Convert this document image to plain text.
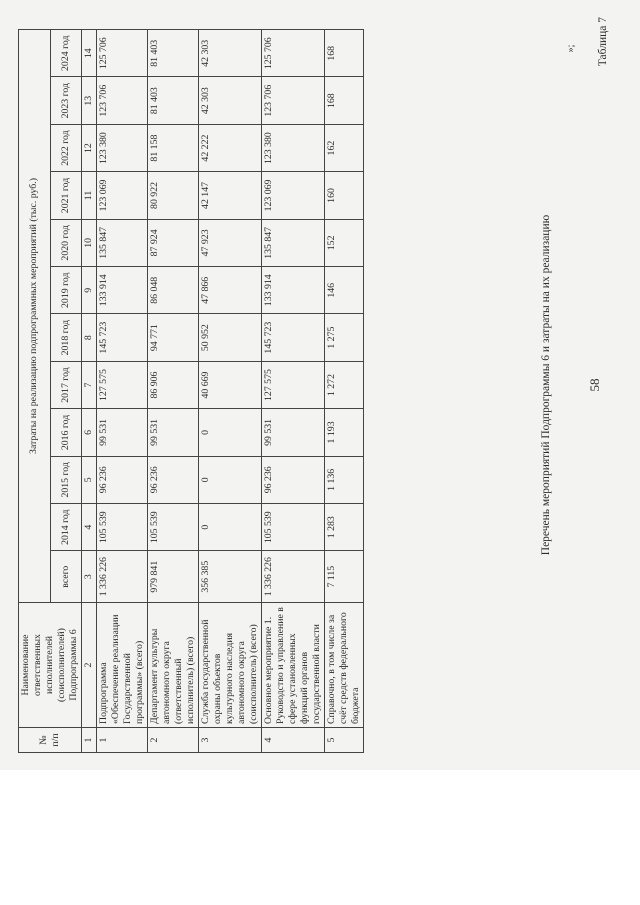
58
Таблица 7
Перечень мероприятий Подпрограммы 6 и затраты на их реализацию
№ п/п	Наименование ответственных исполнителей (соисполнителей) Подпрограммы 6	Затраты на реализацию подпрограммных мероприятий (тыс. руб.)											
		всего	2014 год	2015 год	2016 год	2017 год	2018 год	2019 год	2020 год	2021 год	2022 год	2023 год	2024 год
1	2	3	4	5	6	7	8	9	10	11	12	13	14
1	Подпрограмма «Обеспечение реализации Государственной программы» (всего)	1 336 226	105 539	96 236	99 531	127 575	145 723	133 914	135 847	123 069	123 380	123 706	125 706
2	Департамент культуры автономного округа (ответственный исполнитель) (всего)	979 841	105 539	96 236	99 531	86 906	94 771	86 048	87 924	80 922	81 158	81 403	81 403
3	Служба государственной охраны объектов культурного наследия автономного округа (соисполнитель) (всего)	356 385	0	0	0	40 669	50 952	47 866	47 923	42 147	42 222	42 303	42 303
4	Основное мероприятие 1. Руководство и управление в сфере установленных функций органов государственной власти	1 336 226	105 539	96 236	99 531	127 575	145 723	133 914	135 847	123 069	123 380	123 706	125 706
5	Справочно, в том числе за счёт средств федерального бюджета	7 115	1 283	1 136	1 193	1 272	1 275	146	152	160	162	168	168	»;
